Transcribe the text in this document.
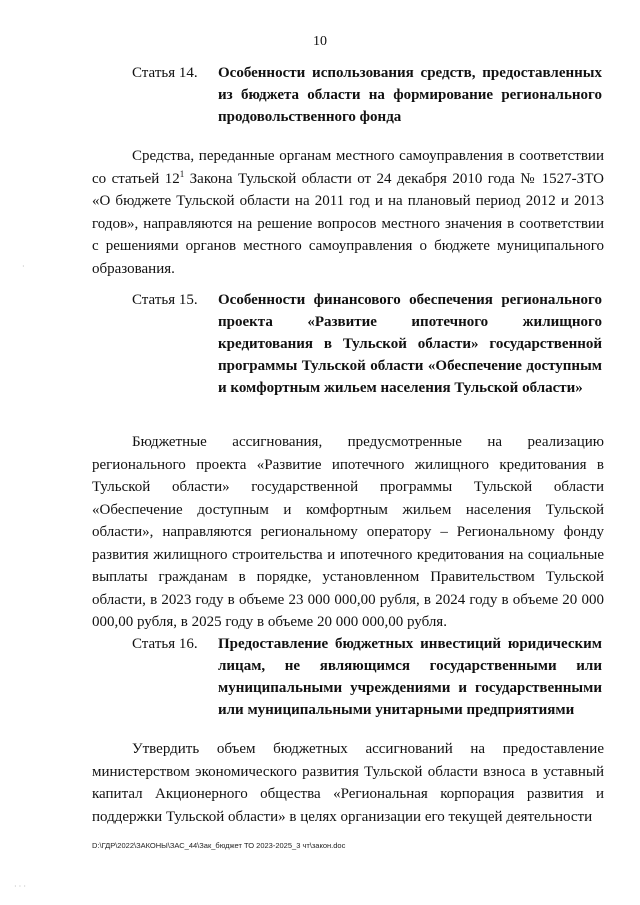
10
Статья 14.	Особенности использования средств, предоставленных из бюджета области на формирование регионального продовольственного фонда

Средства, переданные органам местного самоуправления в соответствии со статьей $12^1$ Закона Тульской области от 24 декабря 2010 года № 1527-ЗТО «О бюджете Тульской области на 2011 год и на плановый период 2012 и 2013 годов», направляются на решение вопросов местного значения в соответствии с решениями органов местного самоуправления о бюджете муниципального образования.

Статья 15.	Особенности финансового обеспечения регионального проекта «Развитие ипотечного жилищного кредитования в Тульской области» государственной программы Тульской области «Обеспечение доступным и комфортным жильем населения Тульской области»

Бюджетные ассигнования, предусмотренные на реализацию регионального проекта «Развитие ипотечного жилищного кредитования в Тульской области» государственной программы Тульской области «Обеспечение доступным и комфортным жильем населения Тульской области», направляются региональному оператору – Региональному фонду развития жилищного строительства и ипотечного кредитования на социальные выплаты гражданам в порядке, установленном Правительством Тульской области, в 2023 году в объеме 23 000 000,00 рубля, в 2024 году в объеме 20 000 000,00 рубля, в 2025 году в объеме 20 000 000,00 рубля.

Статья 16.	Предоставление бюджетных инвестиций юридическим лицам, не являющимся государственными или муниципальными учреждениями и государственными или муниципальными унитарными предприятиями

Утвердить объем бюджетных ассигнований на предоставление министерством экономического развития Тульской области взноса в уставный капитал Акционерного общества «Региональная корпорация развития и поддержки Тульской области» в целях организации его текущей деятельности

D:\ГДР\2022\ЗАКОНЫ\ЗАС_44\Зак_бюджет ТО 2023-2025_3 чт\закон.doc
·
· · ·
